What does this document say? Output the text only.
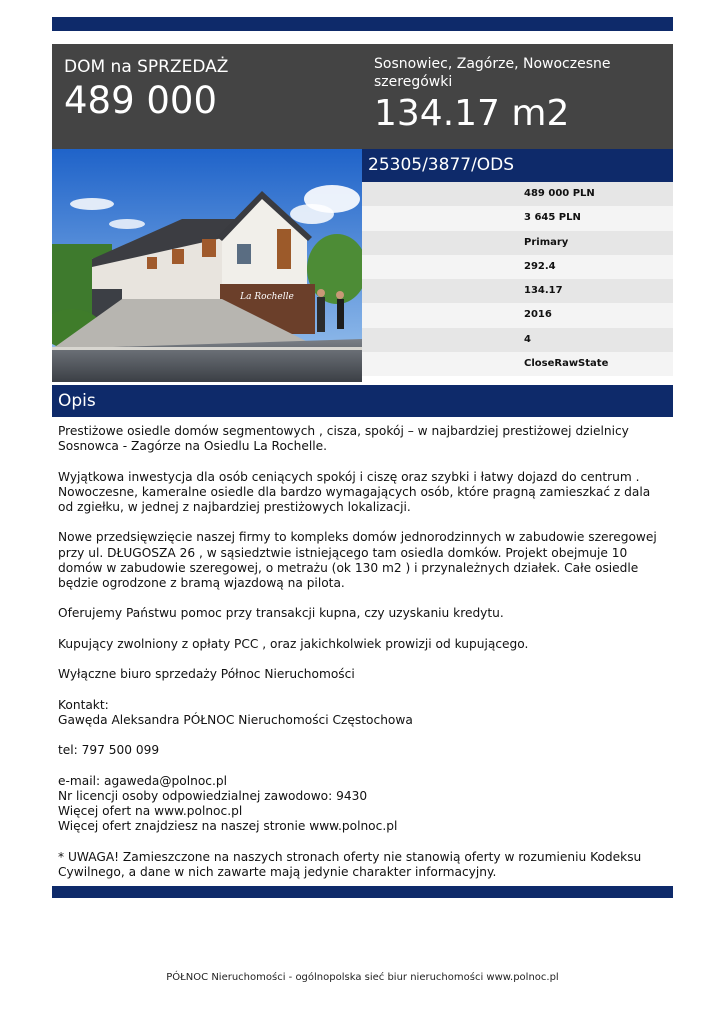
DOM na SPRZEDAŻ
489 000
Sosnowiec, Zagórze, Nowoczesne szeregówki
134.17 m2
La Rochelle
25305/3877/ODS
489 000 PLN
3 645 PLN
Primary
292.4
134.17
2016
4
CloseRawState
Opis

Prestiżowe osiedle domów segmentowych , cisza, spokój – w najbardziej prestiżowej dzielnicy Sosnowca - Zagórze na Osiedlu La Rochelle.

Wyjątkowa inwestycja dla osób ceniących spokój i ciszę oraz szybki i łatwy dojazd do centrum . Nowoczesne, kameralne osiedle dla bardzo wymagających osób, które pragną zamieszkać z dala od zgiełku, w jednej z najbardziej prestiżowych lokalizacji.

Nowe przedsięwzięcie naszej firmy to kompleks domów jednorodzinnych w zabudowie szeregowej przy ul. DŁUGOSZA 26 , w sąsiedztwie istniejącego tam osiedla domków. Projekt obejmuje 10 domów w zabudowie szeregowej, o metrażu (ok 130 m2 ) i przynależnych działek. Całe osiedle będzie ogrodzone z bramą wjazdową na pilota.

Oferujemy Państwu pomoc przy transakcji kupna, czy uzyskaniu kredytu.

Kupujący zwolniony z opłaty PCC , oraz jakichkolwiek prowizji od kupującego.

Wyłączne biuro sprzedaży Północ Nieruchomości

Kontakt:
Gawęda Aleksandra PÓŁNOC Nieruchomości Częstochowa

tel: 797 500 099

e-mail: agaweda@polnoc.pl
Nr licencji osoby odpowiedzialnej zawodowo: 9430
Więcej ofert na www.polnoc.pl
Więcej ofert znajdziesz na naszej stronie www.polnoc.pl

* UWAGA! Zamieszczone na naszych stronach oferty nie stanowią oferty w rozumieniu Kodeksu Cywilnego, a dane w nich zawarte mają jedynie charakter informacyjny.

PÓŁNOC Nieruchomości - ogólnopolska sieć biur nieruchomości www.polnoc.pl
